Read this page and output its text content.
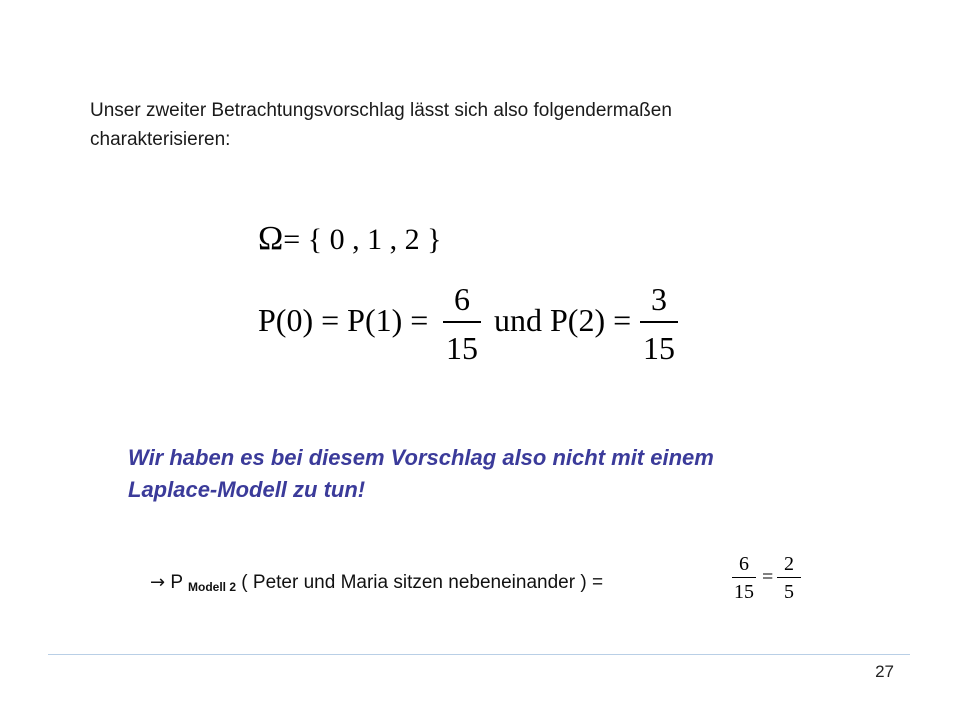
Unser zweiter Betrachtungsvorschlag lässt sich also folgendermaßen
charakterisieren:
Ω= { 0 , 1 , 2 }
P(0) = P(1) =
6
15
und P(2) =
3
15
Wir haben es bei diesem Vorschlag also nicht mit einem
Laplace-Modell zu tun!
→ P $_{Modell 2}$ ( Peter und Maria sitzen nebeneinander ) =
6
15
=
2
5
27
